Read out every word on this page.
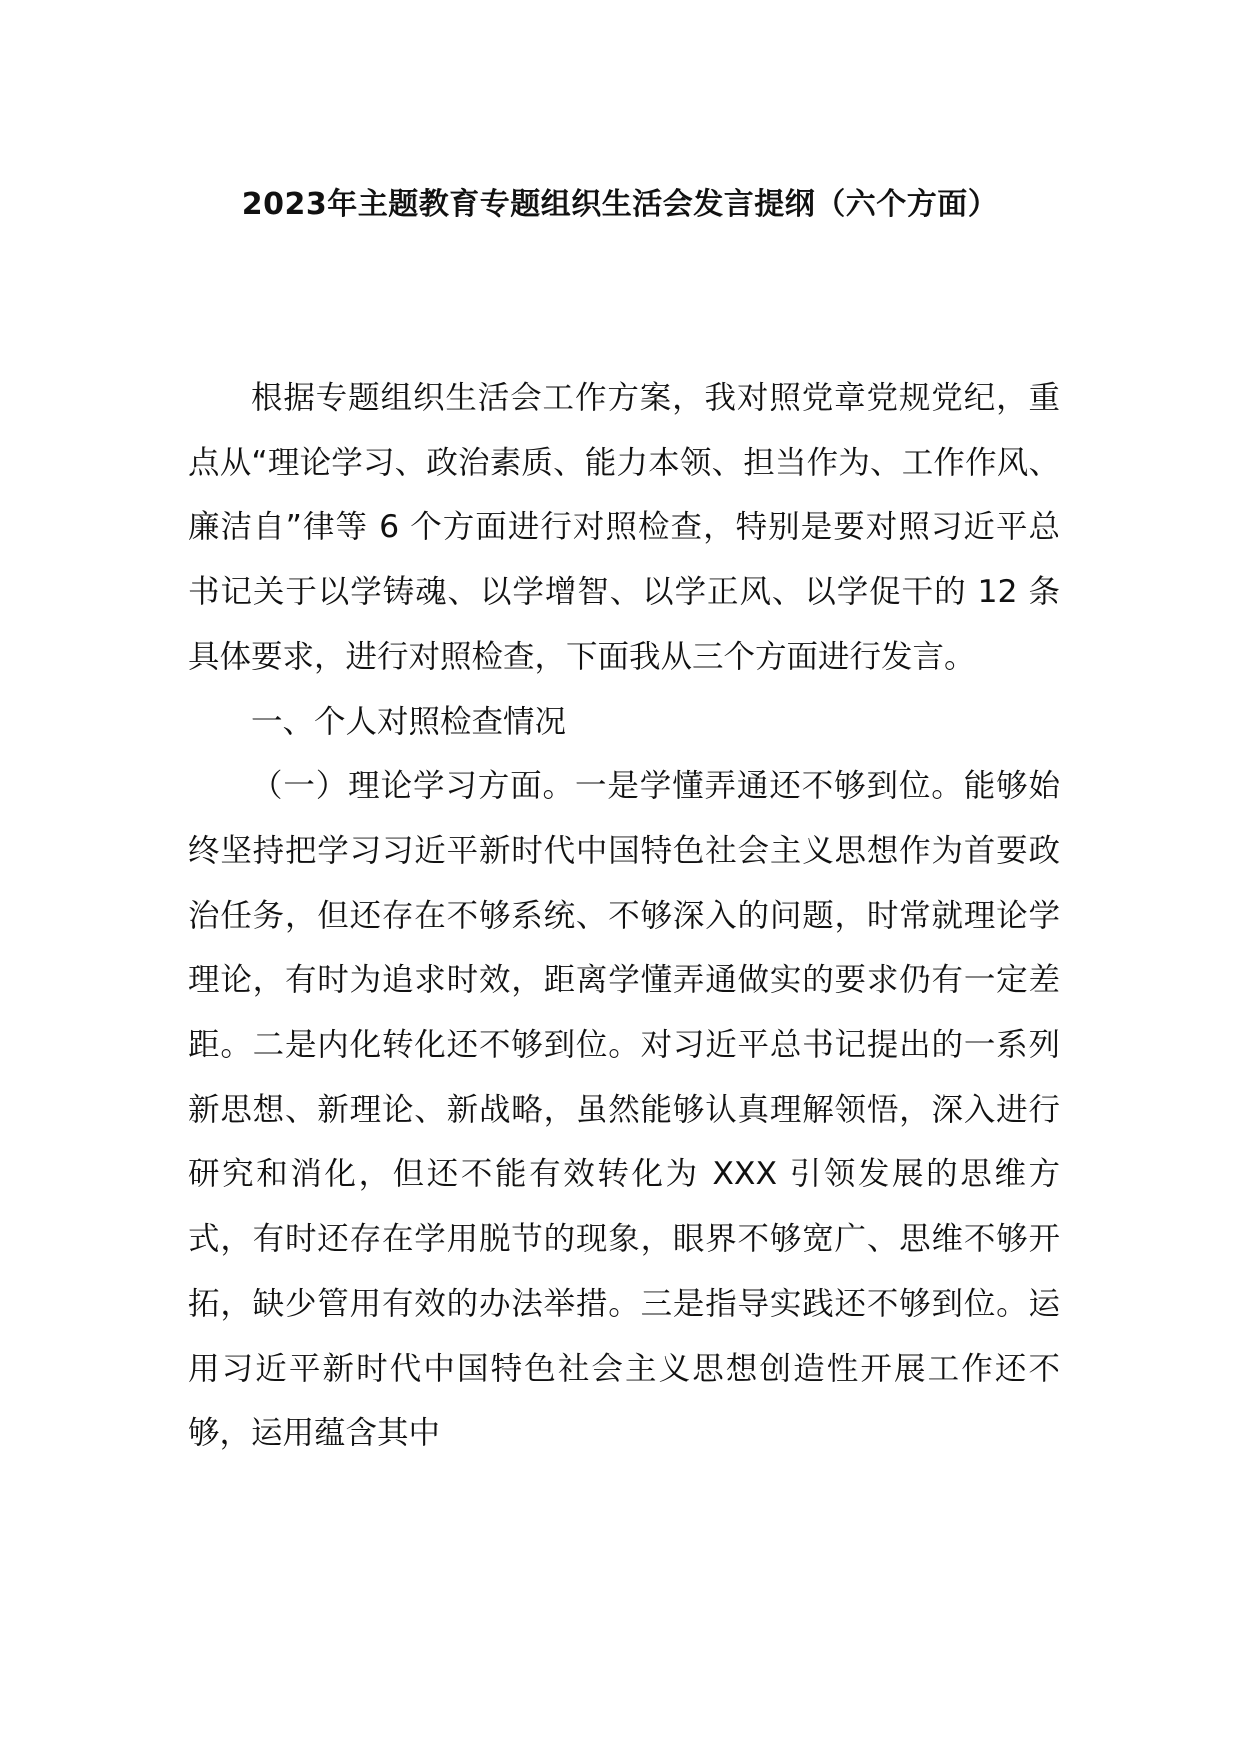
2023年主题教育专题组织生活会发言提纲（六个方面）

根据专题组织生活会工作方案，我对照党章党规党纪，重点从“理论学习、政治素质、能力本领、担当作为、工作作风、廉洁自”律等 6 个方面进行对照检查，特别是要对照习近平总书记关于以学铸魂、以学增智、以学正风、以学促干的 12 条具体要求，进行对照检查，下面我从三个方面进行发言。

一、个人对照检查情况

（一）理论学习方面。一是学懂弄通还不够到位。能够始终坚持把学习习近平新时代中国特色社会主义思想作为首要政治任务，但还存在不够系统、不够深入的问题，时常就理论学理论，有时为追求时效，距离学懂弄通做实的要求仍有一定差距。二是内化转化还不够到位。对习近平总书记提出的一系列新思想、新理论、新战略，虽然能够认真理解领悟，深入进行研究和消化，但还不能有效转化为 XXX 引领发展的思维方式，有时还存在学用脱节的现象，眼界不够宽广、思维不够开拓，缺少管用有效的办法举措。三是指导实践还不够到位。运用习近平新时代中国特色社会主义思想创造性开展工作还不够，运用蕴含其中
